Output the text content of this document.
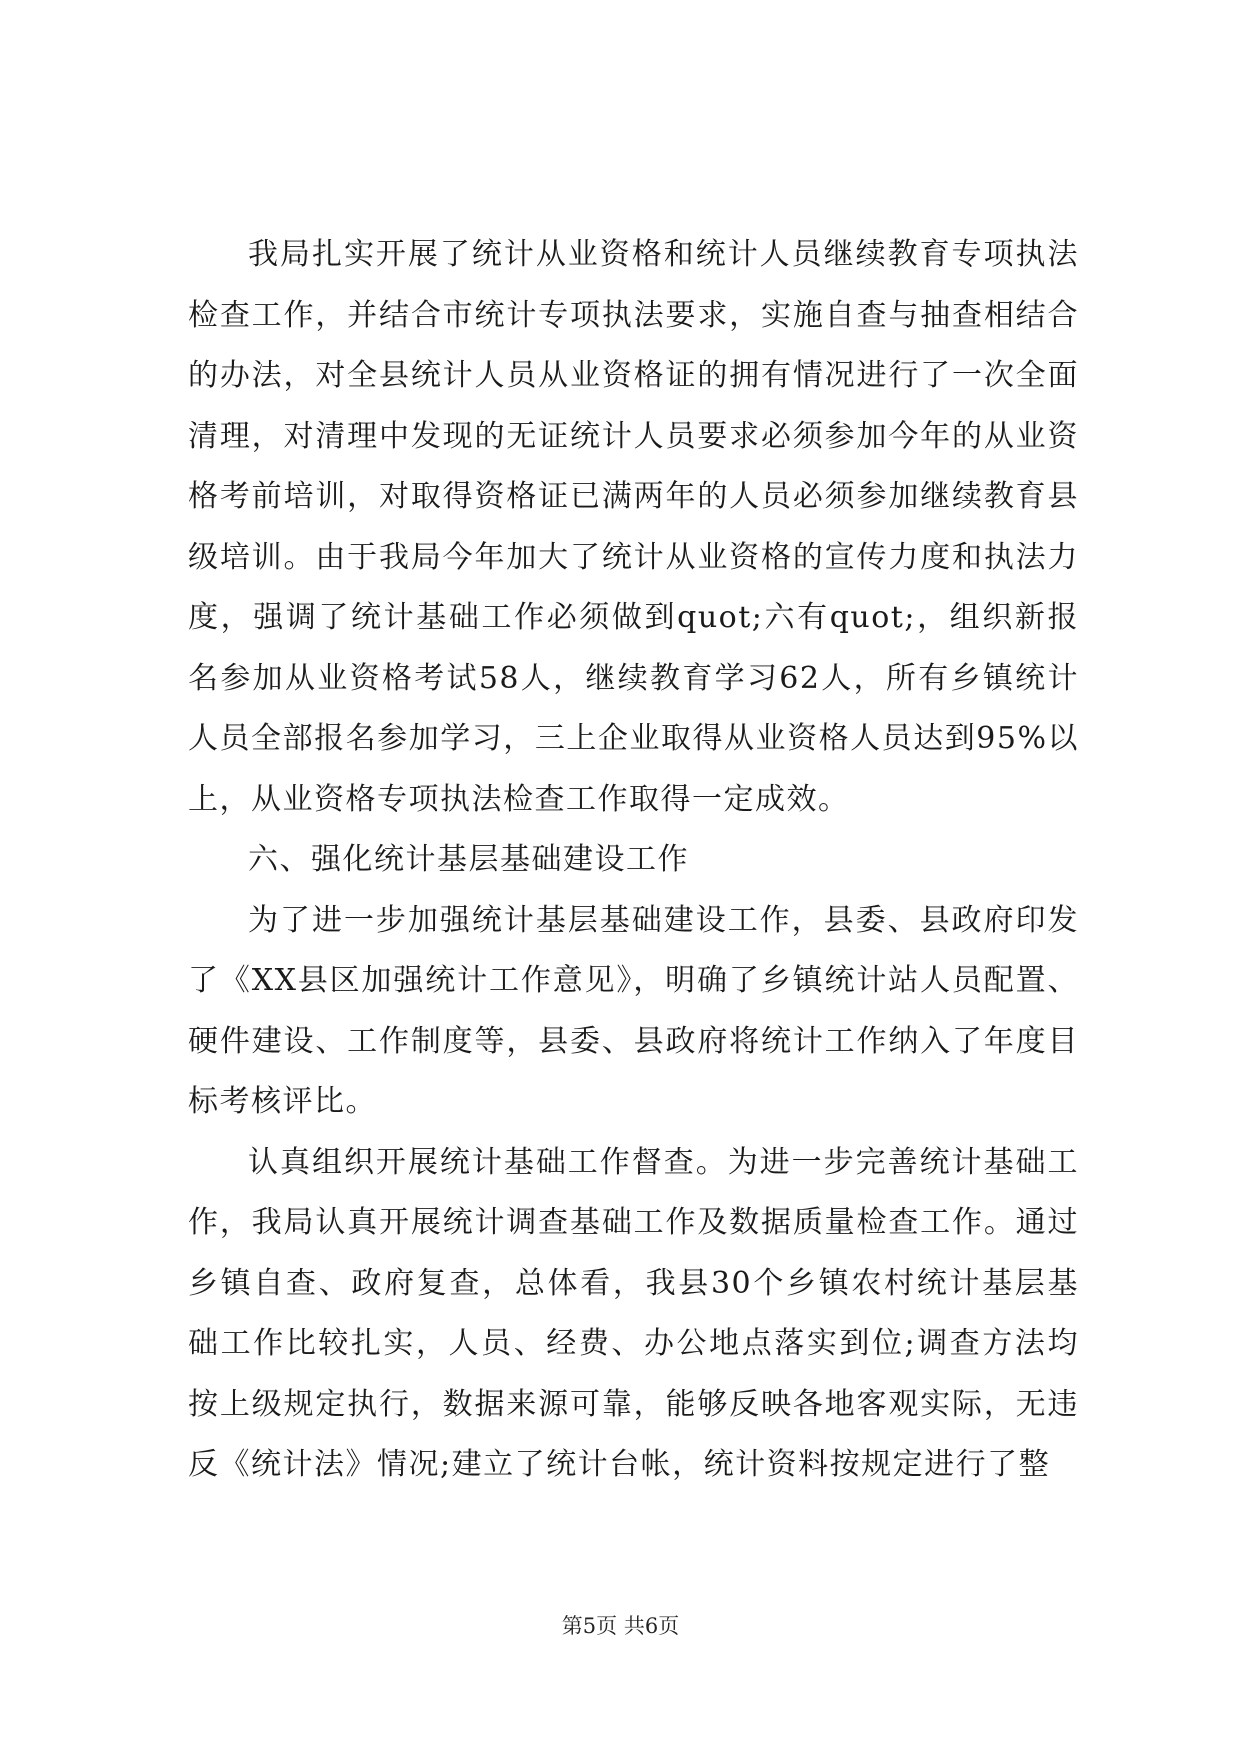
我局扎实开展了统计从业资格和统计人员继续教育专项执法检查工作，并结合市统计专项执法要求，实施自查与抽查相结合的办法，对全县统计人员从业资格证的拥有情况进行了一次全面清理，对清理中发现的无证统计人员要求必须参加今年的从业资格考前培训，对取得资格证已满两年的人员必须参加继续教育县级培训。由于我局今年加大了统计从业资格的宣传力度和执法力度，强调了统计基础工作必须做到quot;六有quot;，组织新报名参加从业资格考试58人，继续教育学习62人，所有乡镇统计人员全部报名参加学习，三上企业取得从业资格人员达到95%以上，从业资格专项执法检查工作取得一定成效。

六、强化统计基层基础建设工作

为了进一步加强统计基层基础建设工作，县委、县政府印发了《XX县区加强统计工作意见》，明确了乡镇统计站人员配置、硬件建设、工作制度等，县委、县政府将统计工作纳入了年度目标考核评比。

认真组织开展统计基础工作督查。为进一步完善统计基础工作，我局认真开展统计调查基础工作及数据质量检查工作。通过乡镇自查、政府复查，总体看，我县30个乡镇农村统计基层基础工作比较扎实，人员、经费、办公地点落实到位;调查方法均按上级规定执行，数据来源可靠，能够反映各地客观实际，无违反《统计法》情况;建立了统计台帐，统计资料按规定进行了整

第5页 共6页
